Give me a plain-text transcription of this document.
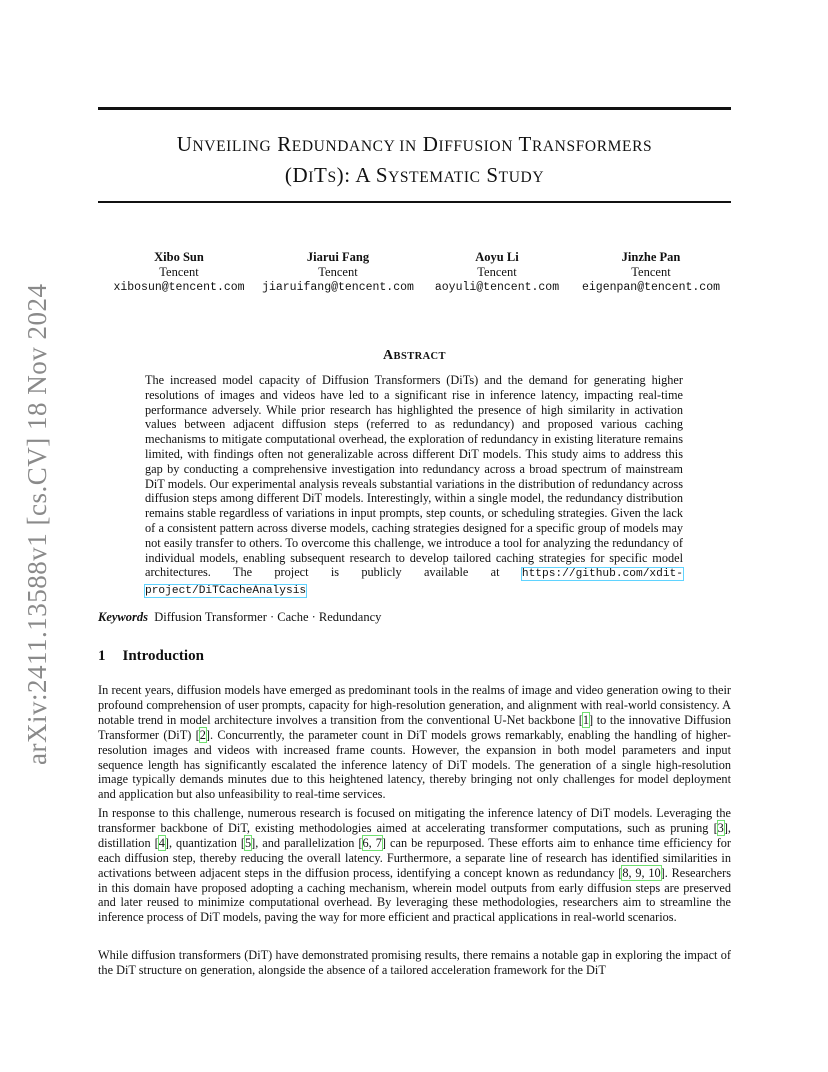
arXiv:2411.13588v1 [cs.CV] 18 Nov 2024
UNVEILING REDUNDANCY IN DIFFUSION TRANSFORMERS
(DITS): A SYSTEMATIC STUDY
Xibo Sun
Tencent
xibosun@tencent.com
Jiarui Fang
Tencent
jiaruifang@tencent.com
Aoyu Li
Tencent
aoyuli@tencent.com
Jinzhe Pan
Tencent
eigenpan@tencent.com
ABSTRACT
The increased model capacity of Diffusion Transformers (DiTs) and the demand for generating higher resolutions of images and videos have led to a significant rise in inference latency, impacting real-time performance adversely. While prior research has highlighted the presence of high similarity in activation values between adjacent diffusion steps (referred to as redundancy) and proposed various caching mechanisms to mitigate computational overhead, the exploration of redundancy in existing literature remains limited, with findings often not generalizable across different DiT models. This study aims to address this gap by conducting a comprehensive investigation into redundancy across a broad spectrum of mainstream DiT models. Our experimental analysis reveals substantial variations in the distribution of redundancy across diffusion steps among different DiT models. Interestingly, within a single model, the redundancy distribution remains stable regardless of variations in input prompts, step counts, or scheduling strategies. Given the lack of a consistent pattern across diverse models, caching strategies designed for a specific group of models may not easily transfer to others. To overcome this challenge, we introduce a tool for analyzing the redundancy of individual models, enabling subsequent research to develop tailored caching strategies for specific model architectures. The project is publicly available at https://github.com/xdit-project/DiTCacheAnalysis
Keywords Diffusion Transformer · Cache · Redundancy
1 Introduction
In recent years, diffusion models have emerged as predominant tools in the realms of image and video generation owing to their profound comprehension of user prompts, capacity for high-resolution generation, and alignment with real-world consistency. A notable trend in model architecture involves a transition from the conventional U-Net backbone [1] to the innovative Diffusion Transformer (DiT) [2]. Concurrently, the parameter count in DiT models grows remarkably, enabling the handling of higher-resolution images and videos with increased frame counts. However, the expansion in both model parameters and input sequence length has significantly escalated the inference latency of DiT models. The generation of a single high-resolution image typically demands minutes due to this heightened latency, thereby bringing not only challenges for model deployment and application but also unfeasibility to real-time services.
In response to this challenge, numerous research is focused on mitigating the inference latency of DiT models. Leveraging the transformer backbone of DiT, existing methodologies aimed at accelerating transformer computations, such as pruning [3], distillation [4], quantization [5], and parallelization [6, 7] can be repurposed. These efforts aim to enhance time efficiency for each diffusion step, thereby reducing the overall latency. Furthermore, a separate line of research has identified similarities in activations between adjacent steps in the diffusion process, identifying a concept known as redundancy [8, 9, 10]. Researchers in this domain have proposed adopting a caching mechanism, wherein model outputs from early diffusion steps are preserved and later reused to minimize computational overhead. By leveraging these methodologies, researchers aim to streamline the inference process of DiT models, paving the way for more efficient and practical applications in real-world scenarios.
While diffusion transformers (DiT) have demonstrated promising results, there remains a notable gap in exploring the impact of the DiT structure on generation, alongside the absence of a tailored acceleration framework for the DiT
